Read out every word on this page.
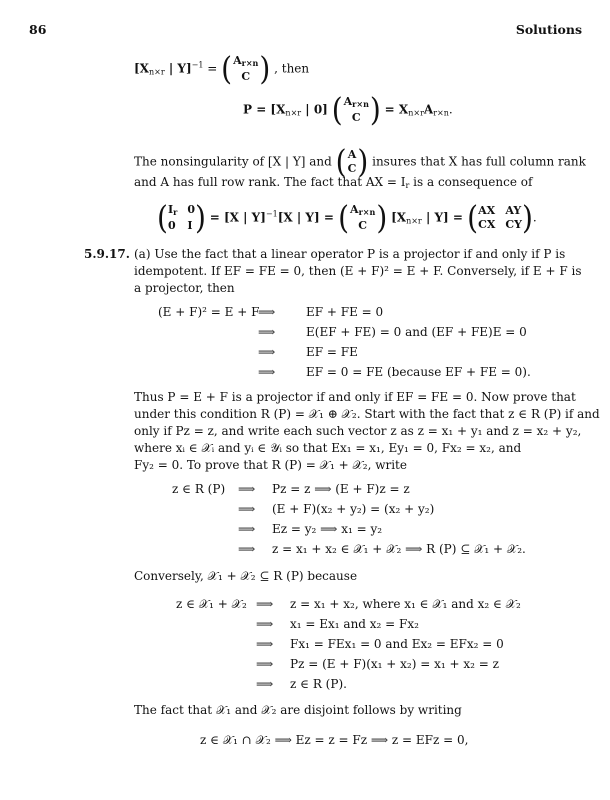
86	Solutions
[$X_{n\times r}$ | Y]$^{-1}$ = ( $A_{r\times n}$
C ) , then
$P = [X_{n\times r}$ | 0] ( $A_{r\times n}$
C ) = $X_{n\times r}A_{r\times n}$.
The nonsingularity of [X | Y] and ( A
C ) insures that X has full column rank
and A has full row rank. The fact that AX = $I_r$ is a consequence of
( $I_r$ 0
0 I ) = [X | Y]$^{-1}$[X | Y] = ( $A_{r\times n}$
C ) [$X_{n\times r}$ | Y] = ( AX AY
CX CY ) .
5.9.17. (a) Use the fact that a linear operator P is a projector if and only if P is
idempotent. If EF = FE = 0, then (E + F)² = E + F. Conversely, if E + F is
a projector, then
(E + F)² = E + F
⟹	EF + FE = 0
⟹	E(EF + FE) = 0 and (EF + FE)E = 0
⟹	EF = FE
⟹	EF = 0 = FE (because EF + FE = 0).
Thus P = E + F is a projector if and only if EF = FE = 0. Now prove that
under this condition R (P) = 𝒳₁ ⊕ 𝒳₂. Start with the fact that z ∈ R (P) if and
only if Pz = z, and write each such vector z as z = x₁ + y₁ and z = x₂ + y₂,
where xᵢ ∈ 𝒳ᵢ and yᵢ ∈ 𝒴ᵢ so that Ex₁ = x₁, Ey₁ = 0, Fx₂ = x₂, and
Fy₂ = 0. To prove that R (P) = 𝒳₁ + 𝒳₂, write
z ∈ R (P) ⟹ Pz = z ⟹ (E + F)z = z
⟹ (E + F)(x₂ + y₂) = (x₂ + y₂)
⟹ Ez = y₂ ⟹ x₁ = y₂
⟹ z = x₁ + x₂ ∈ 𝒳₁ + 𝒳₂ ⟹ R (P) ⊆ 𝒳₁ + 𝒳₂.
Conversely, 𝒳₁ + 𝒳₂ ⊆ R (P) because
z ∈ 𝒳₁ + 𝒳₂ ⟹ z = x₁ + x₂, where x₁ ∈ 𝒳₁ and x₂ ∈ 𝒳₂
⟹ x₁ = Ex₁ and x₂ = Fx₂
⟹ Fx₁ = FEx₁ = 0 and Ex₂ = EFx₂ = 0
⟹ Pz = (E + F)(x₁ + x₂) = x₁ + x₂ = z
⟹ z ∈ R (P).
The fact that 𝒳₁ and 𝒳₂ are disjoint follows by writing
z ∈ 𝒳₁ ∩ 𝒳₂ ⟹ Ez = z = Fz ⟹ z = EFz = 0,
